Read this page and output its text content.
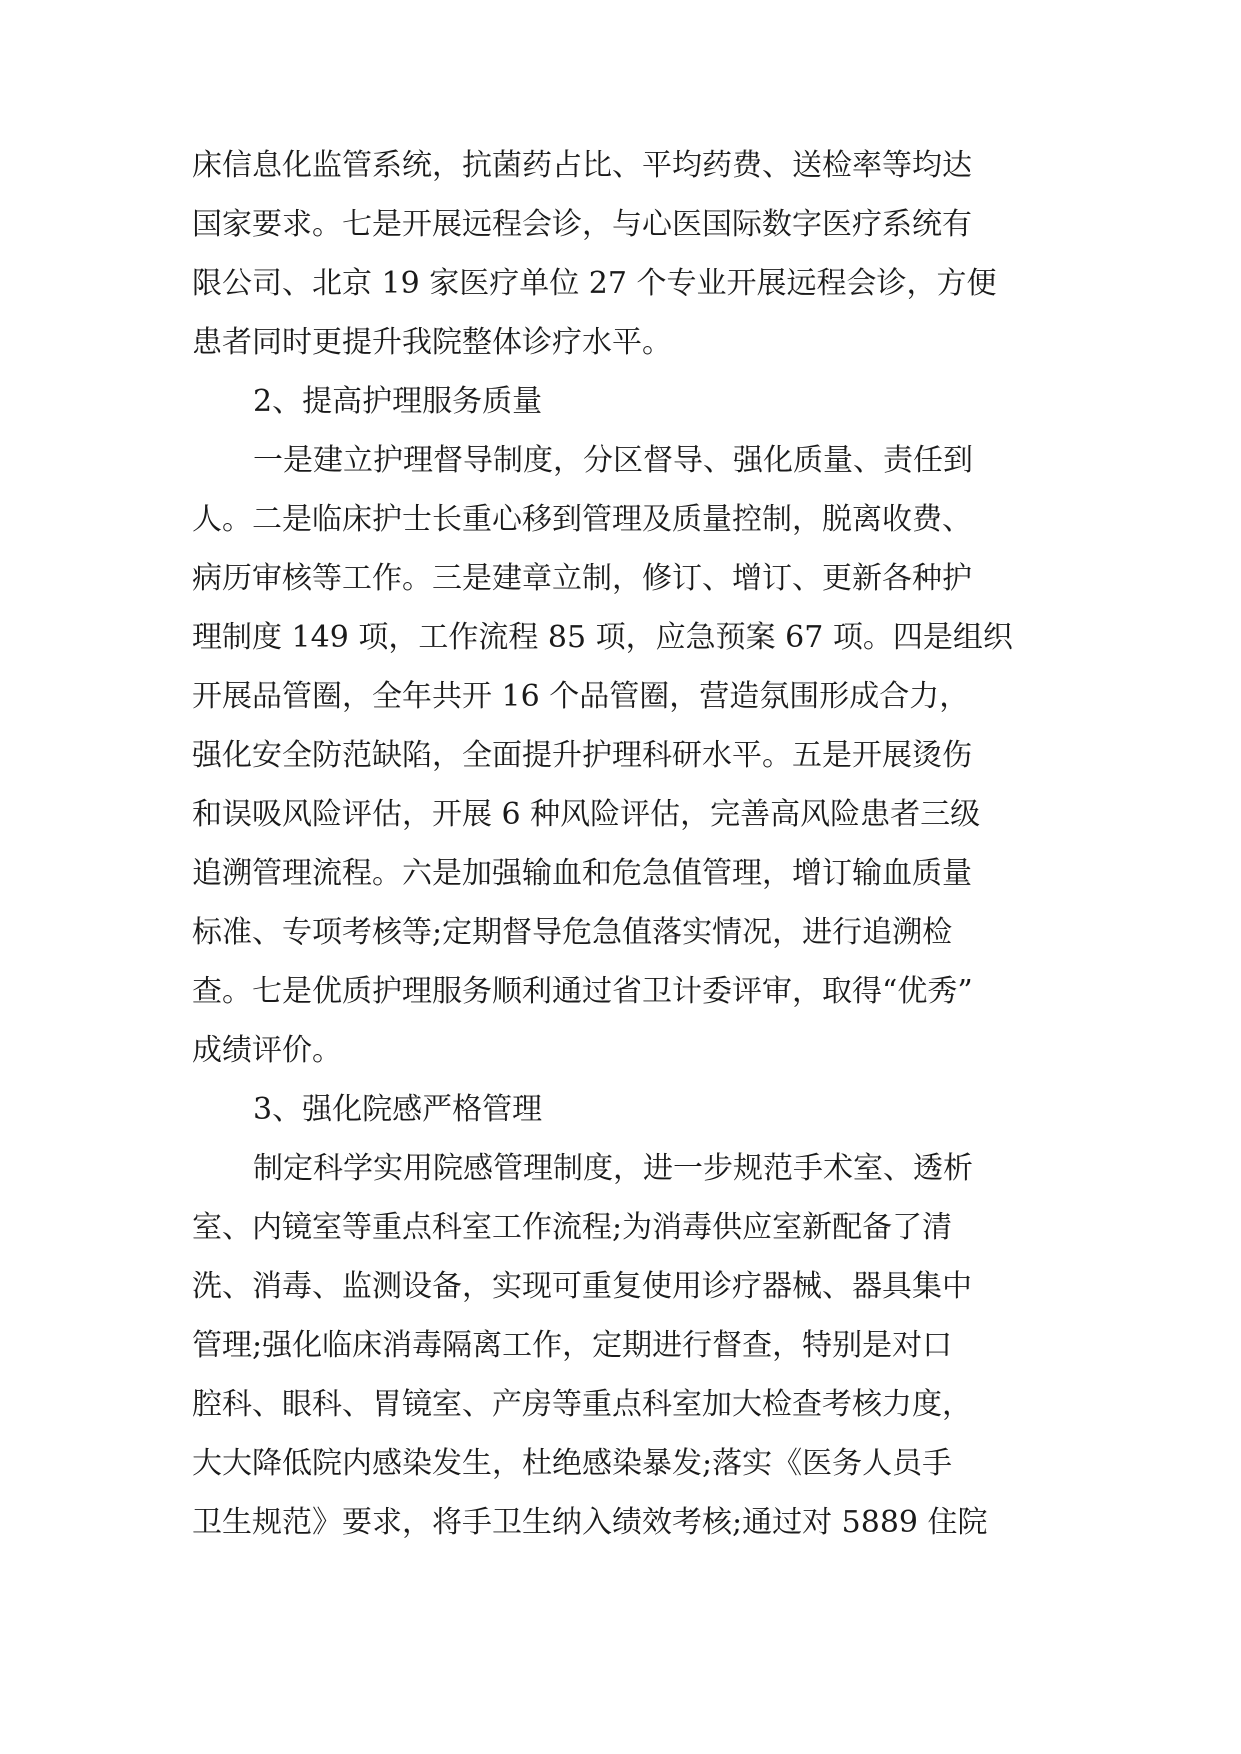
床信息化监管系统，抗菌药占比、平均药费、送检率等均达
国家要求。七是开展远程会诊，与心医国际数字医疗系统有
限公司、北京 19 家医疗单位 27 个专业开展远程会诊，方便
患者同时更提升我院整体诊疗水平。
2、提高护理服务质量
一是建立护理督导制度，分区督导、强化质量、责任到
人。二是临床护士长重心移到管理及质量控制，脱离收费、
病历审核等工作。三是建章立制，修订、增订、更新各种护
理制度 149 项，工作流程 85 项，应急预案 67 项。四是组织
开展品管圈，全年共开 16 个品管圈，营造氛围形成合力，
强化安全防范缺陷，全面提升护理科研水平。五是开展烫伤
和误吸风险评估，开展 6 种风险评估，完善高风险患者三级
追溯管理流程。六是加强输血和危急值管理，增订输血质量
标准、专项考核等;定期督导危急值落实情况，进行追溯检
查。七是优质护理服务顺利通过省卫计委评审，取得“优秀”
成绩评价。
3、强化院感严格管理
制定科学实用院感管理制度，进一步规范手术室、透析
室、内镜室等重点科室工作流程;为消毒供应室新配备了清
洗、消毒、监测设备，实现可重复使用诊疗器械、器具集中
管理;强化临床消毒隔离工作，定期进行督查，特别是对口
腔科、眼科、胃镜室、产房等重点科室加大检查考核力度，
大大降低院内感染发生，杜绝感染暴发;落实《医务人员手
卫生规范》要求，将手卫生纳入绩效考核;通过对 5889 住院
